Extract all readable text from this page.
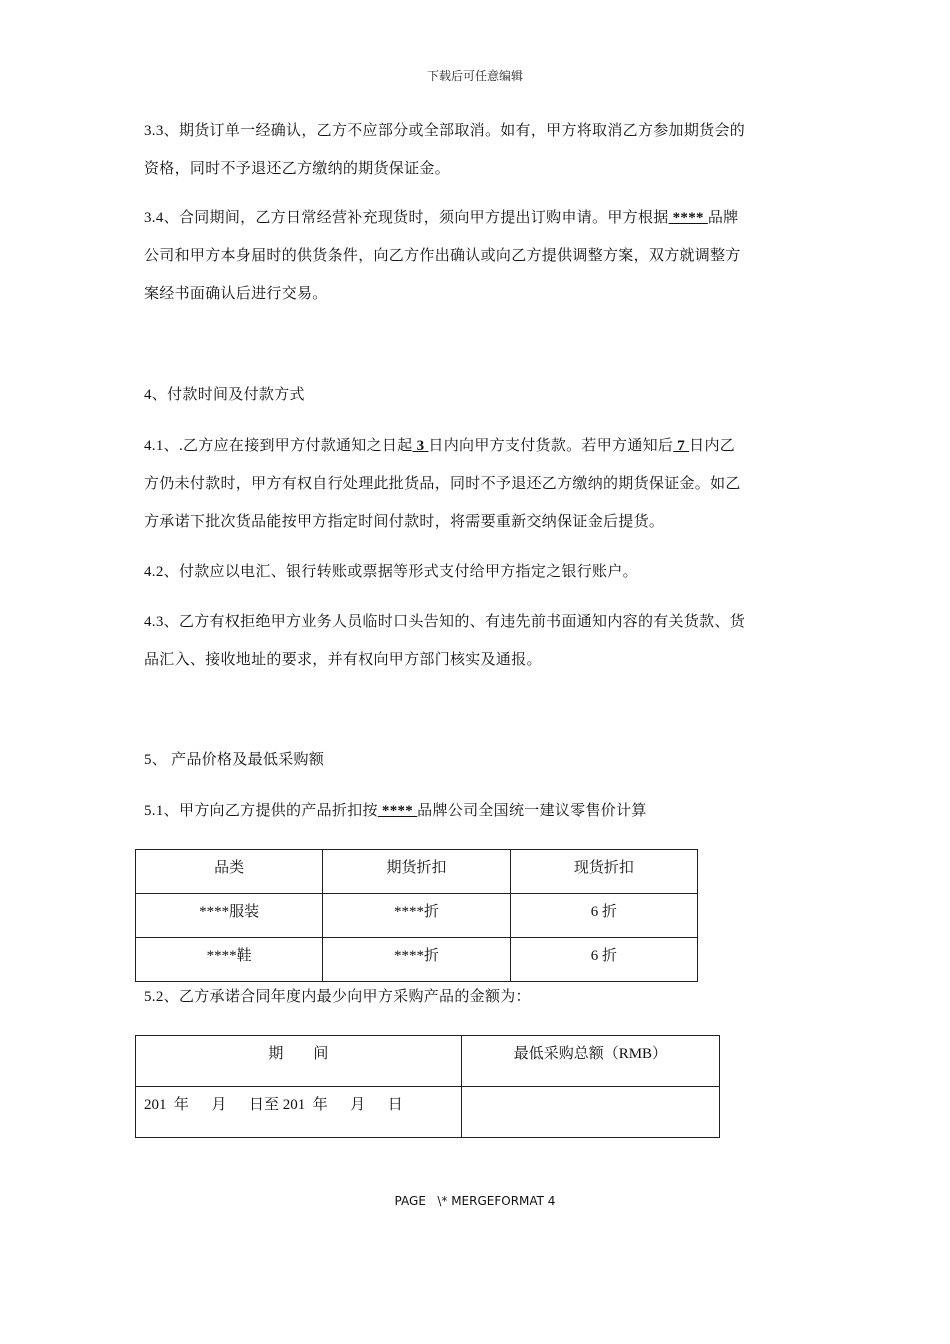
下载后可任意编辑
3.3、期货订单一经确认，乙方不应部分或全部取消。如有，甲方将取消乙方参加期货会的
资格，同时不予退还乙方缴纳的期货保证金。
3.4、合同期间，乙方日常经营补充现货时，须向甲方提出订购申请。甲方根据 **** 品牌
公司和甲方本身届时的供货条件，向乙方作出确认或向乙方提供调整方案，双方就调整方
案经书面确认后进行交易。
4、付款时间及付款方式
4.1、.乙方应在接到甲方付款通知之日起 3 日内向甲方支付货款。若甲方通知后 7 日内乙
方仍未付款时，甲方有权自行处理此批货品，同时不予退还乙方缴纳的期货保证金。如乙
方承诺下批次货品能按甲方指定时间付款时，将需要重新交纳保证金后提货。
4.2、付款应以电汇、银行转账或票据等形式支付给甲方指定之银行账户。
4.3、乙方有权拒绝甲方业务人员临时口头告知的、有违先前书面通知内容的有关货款、货
品汇入、接收地址的要求，并有权向甲方部门核实及通报。
5、 产品价格及最低采购额
5.1、甲方向乙方提供的产品折扣按 **** 品牌公司全国统一建议零售价计算
品类	期货折扣	现货折扣

****服装	****折	6 折

****鞋	****折	6 折
5.2、乙方承诺合同年度内最少向甲方采购产品的金额为：
期　　间	最低采购总额（RMB）

201  年      月      日至 201  年      月      日	

PAGE   \* MERGEFORMAT 4
